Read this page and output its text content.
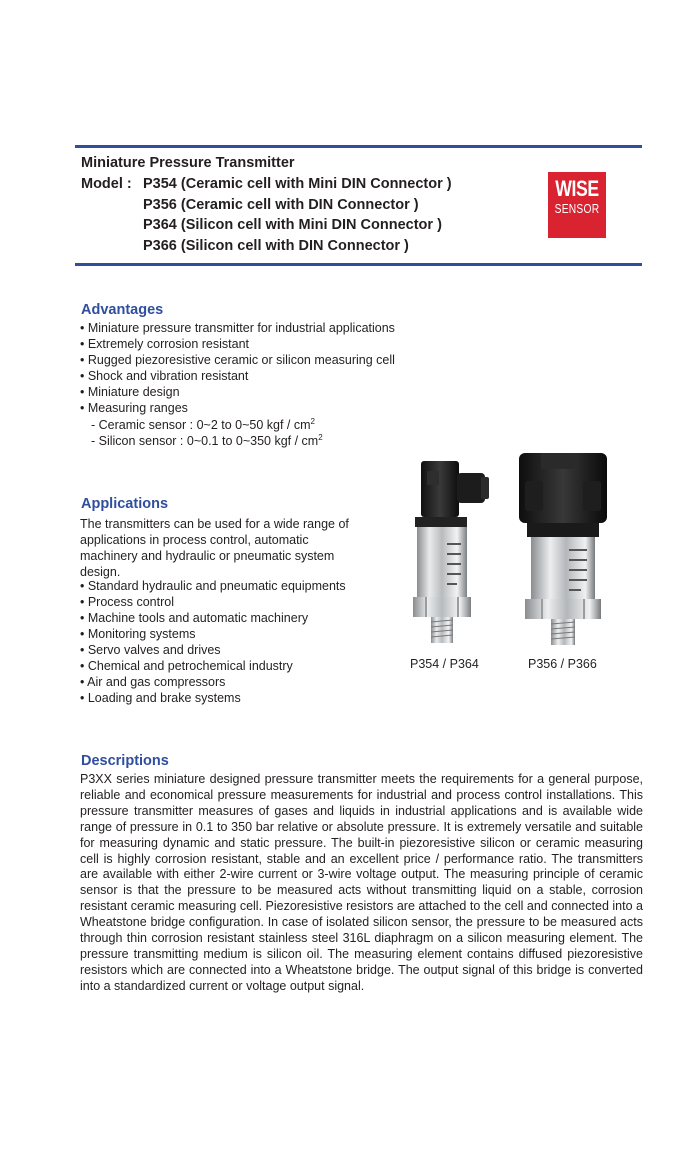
Miniature Pressure Transmitter
Model : P354 (Ceramic cell with Mini DIN Connector )
P356 (Ceramic cell with DIN Connector )
P364 (Silicon cell with Mini DIN Connector )
P366 (Silicon cell with DIN Connector )
WISE
SENSOR
Advantages
• Miniature pressure transmitter for industrial applications
• Extremely corrosion resistant
• Rugged piezoresistive ceramic or silicon measuring cell
• Shock and vibration resistant
• Miniature design
• Measuring ranges
- Ceramic sensor : 0~2 to 0~50 kgf / $cm^2$
- Silicon sensor : 0~0.1 to 0~350 kgf / $cm^2$
Applications

The transmitters can be used for a wide range of applications in process control, automatic machinery and hydraulic or pneumatic system design.

• Standard hydraulic and pneumatic equipments
• Process control
• Machine tools and automatic machinery
• Monitoring systems
• Servo valves and drives
• Chemical and petrochemical industry
• Air and gas compressors
• Loading and brake systems
P354 / P364	P356 / P366
Descriptions

P3XX series miniature designed pressure transmitter meets the requirements for a general purpose, reliable and economical pressure measurements for industrial and process control installations. This pressure transmitter measures of gases and liquids in industrial applications and is available wide range of pressure in 0.1 to 350 bar relative or absolute pressure. It is extremely versatile and suitable for measuring dynamic and static pressure. The built-in piezoresistive silicon or ceramic measuring cell is highly corrosion resistant, stable and an excellent price / performance ratio. The transmitters are available with either 2-wire current or 3-wire voltage output. The measuring principle of ceramic sensor is that the pressure to be measured acts without transmitting liquid on a stable, corrosion resistant ceramic measuring cell. Piezoresistive resistors are attached to the cell and connected into a Wheatstone bridge configuration. In case of isolated silicon sensor, the pressure to be measured acts through thin corrosion resistant stainless steel 316L diaphragm on a silicon measuring element. The pressure transmitting medium is silicon oil. The measuring element contains diffused piezoresistive resistors which are connected into a Wheatstone bridge. The output signal of this bridge is converted into a standardized current or voltage output signal.
